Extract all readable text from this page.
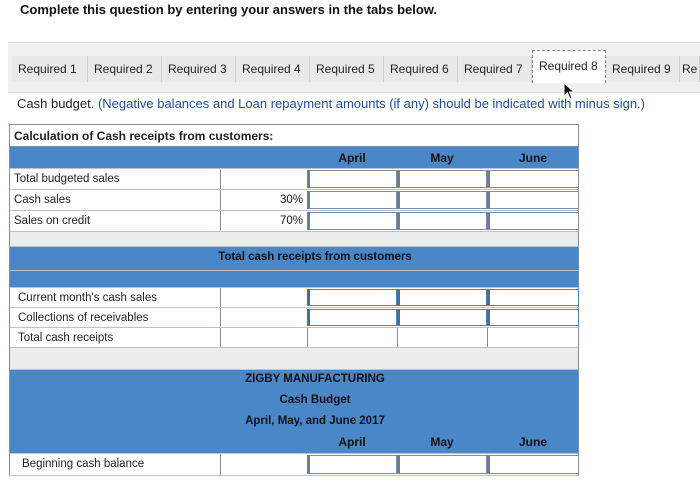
Complete this question by entering your answers in the tabs below.
Required 1	Required 2	Required 3	Required 4	Required 5	Required 6	Required 7	Required 8	Required 9 Re
Cash budget. (Negative balances and Loan repayment amounts (if any) should be indicated with minus sign.)
Calculation of Cash receipts from customers:
April	May	June
Total budgeted sales
Cash sales	30%
Sales on credit	70%
Total cash receipts from customers
Current month's cash sales
Collections of receivables
Total cash receipts
ZIGBY MANUFACTURING
Cash Budget
April, May, and June 2017
April	May	June
Beginning cash balance
